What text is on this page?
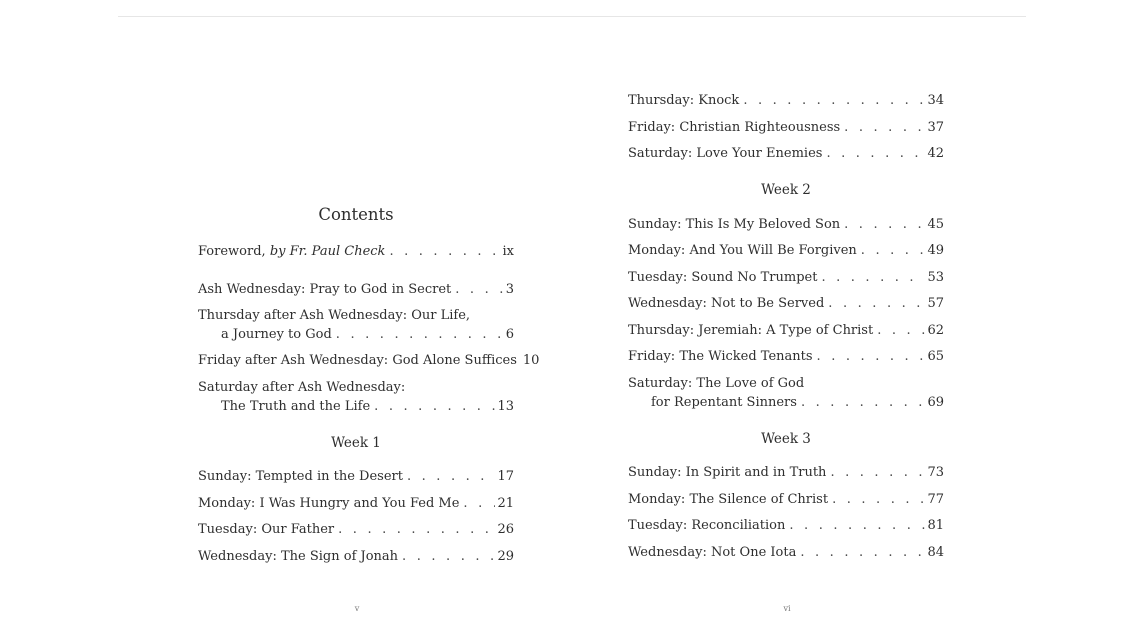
Contents
Foreword, by Fr. Paul Check . . .	ix
Ash Wednesday: Pray to God in Secret . . .	3
Thursday after Ash Wednesday: Our Life,
a Journey to God . . .	6
Friday after Ash Wednesday: God Alone Suffices 10
Saturday after Ash Wednesday:
The Truth and the Life . . .	13
Week 1
Sunday: Tempted in the Desert . . .	17
Monday: I Was Hungry and You Fed Me . . .	21
Tuesday: Our Father . . .	26
Wednesday: The Sign of Jonah . . .	29
v
Thursday: Knock . . .	34
Friday: Christian Righteousness . . .	37
Saturday: Love Your Enemies . . .	42
Week 2
Sunday: This Is My Beloved Son . . .	45
Monday: And You Will Be Forgiven . . .	49
Tuesday: Sound No Trumpet . . .	53
Wednesday: Not to Be Served . . .	57
Thursday: Jeremiah: A Type of Christ . . .	62
Friday: The Wicked Tenants . . .	65
Saturday: The Love of God
for Repentant Sinners . . .	69
Week 3
Sunday: In Spirit and in Truth . . .	73
Monday: The Silence of Christ . . .	77
Tuesday: Reconciliation . . .	81
Wednesday: Not One Iota . . .	84
vi
